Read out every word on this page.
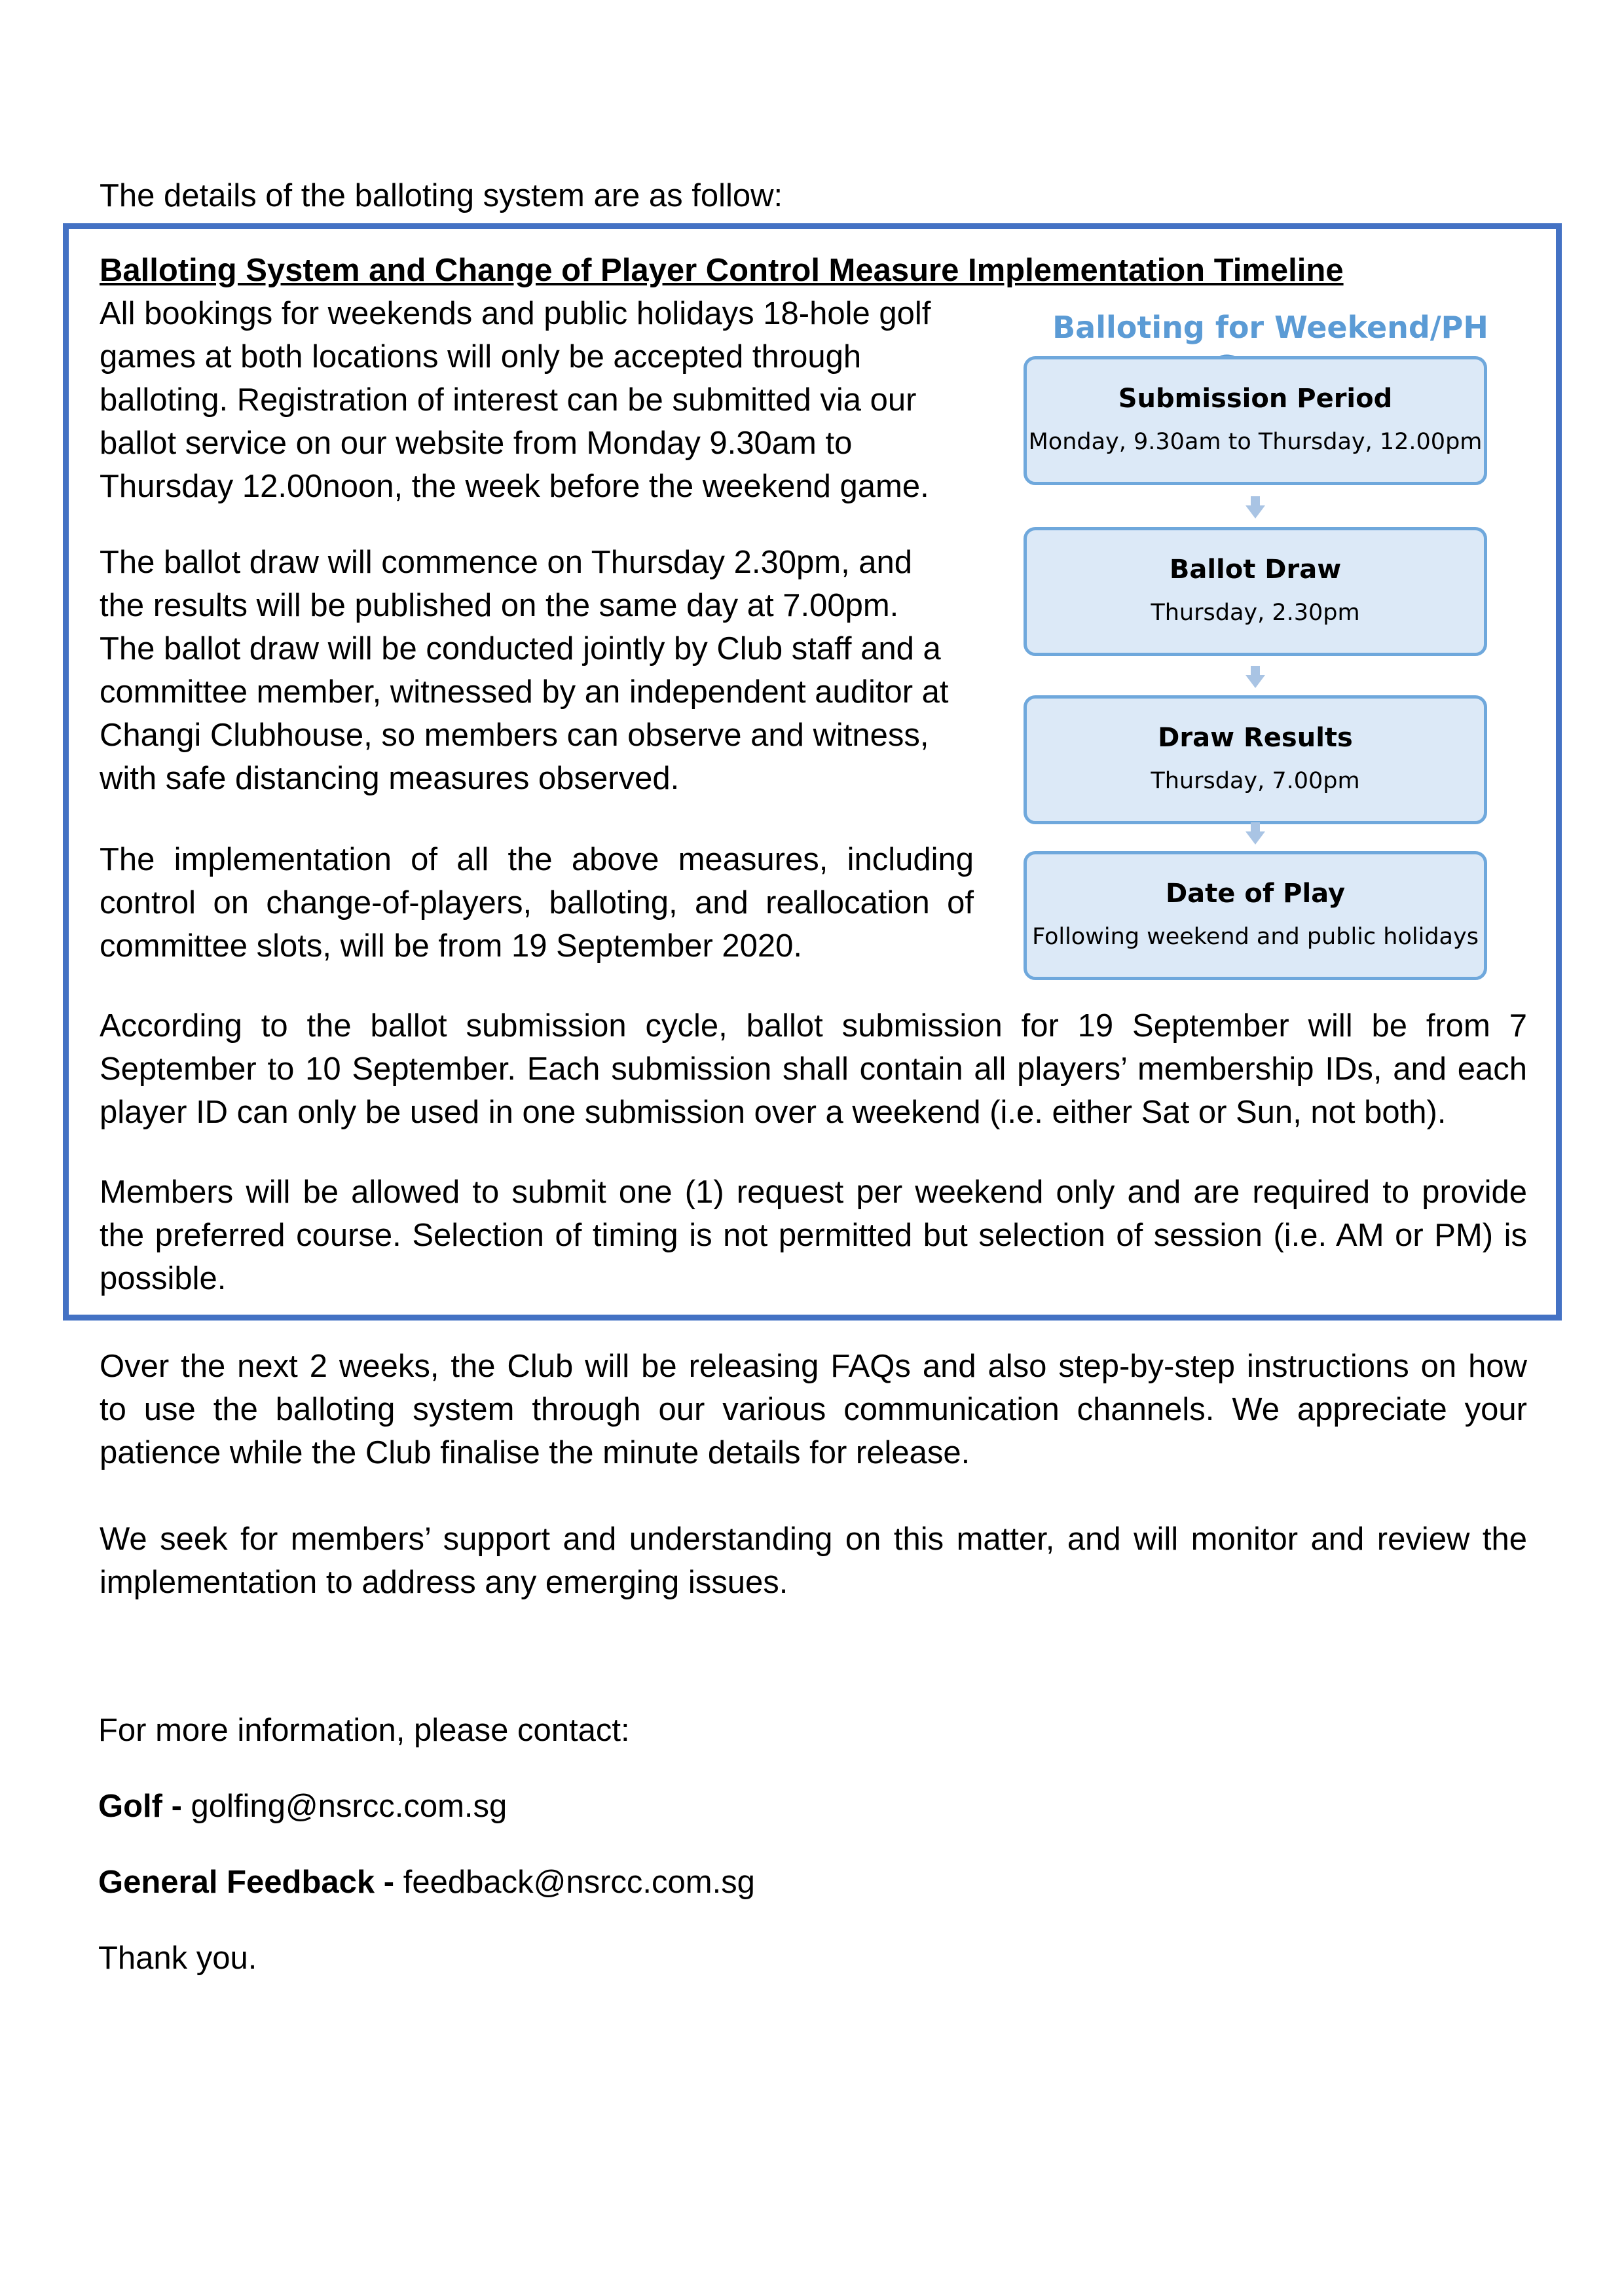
The details of the balloting system are as follow:
Balloting System and Change of Player Control Measure Implementation Timeline

All bookings for weekends and public holidays 18-hole golf
games at both locations will only be accepted through
balloting. Registration of interest can be submitted via our
ballot service on our website from Monday 9.30am to
Thursday 12.00noon, the week before the weekend game.

The ballot draw will commence on Thursday 2.30pm, and
the results will be published on the same day at 7.00pm.
The ballot draw will be conducted jointly by Club staff and a
committee member, witnessed by an independent auditor at
Changi Clubhouse, so members can observe and witness,
with safe distancing measures observed.

The implementation of all the above measures, including
control on change-of-players, balloting, and reallocation of
committee slots, will be from 19 September 2020.

According to the ballot submission cycle, ballot submission for 19 September will be from 7
September to 10 September. Each submission shall contain all players’ membership IDs, and each
player ID can only be used in one submission over a weekend (i.e. either Sat or Sun, not both).

Members will be allowed to submit one (1) request per weekend only and are required to provide
the preferred course. Selection of timing is not permitted but selection of session (i.e. AM or PM) is
possible.

Balloting for Weekend/PH
Submission Period
Monday, 9.30am to Thursday, 12.00pm
Ballot Draw
Thursday, 2.30pm
Draw Results
Thursday, 7.00pm
Date of Play
Following weekend and public holidays

Over the next 2 weeks, the Club will be releasing FAQs and also step-by-step instructions on how
to use the balloting system through our various communication channels. We appreciate your
patience while the Club finalise the minute details for release.

We seek for members’ support and understanding on this matter, and will monitor and review the
implementation to address any emerging issues.

For more information, please contact:
Golf - golfing@nsrcc.com.sg
General Feedback - feedback@nsrcc.com.sg
Thank you.
